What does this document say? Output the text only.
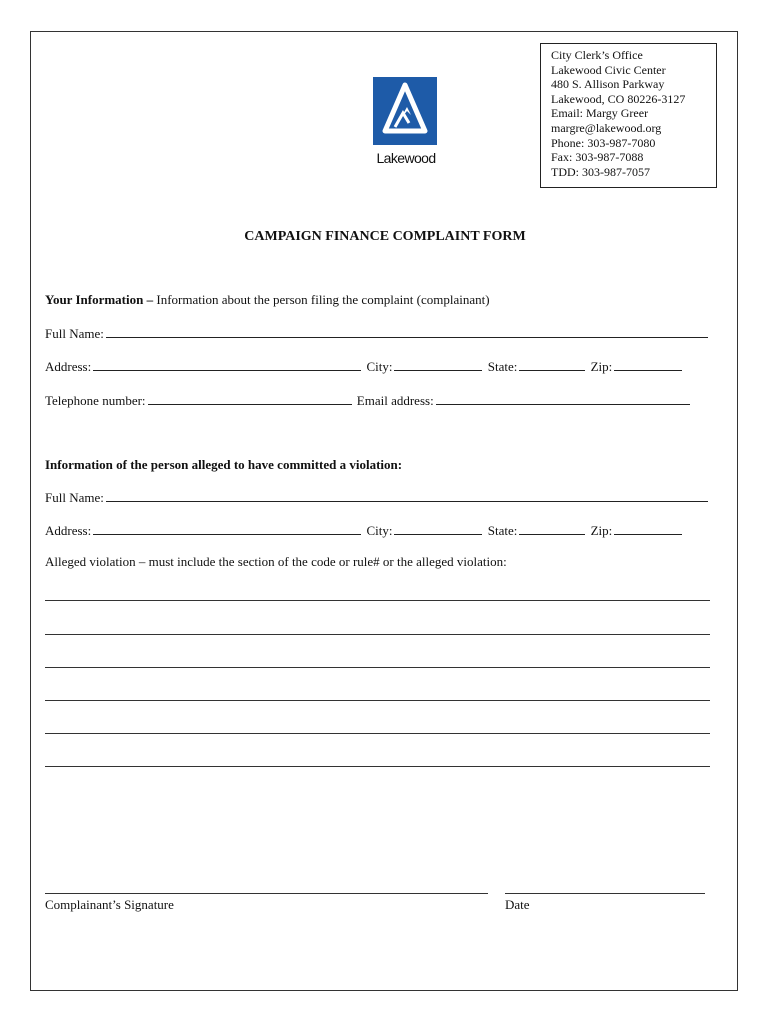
Lakewood
City Clerk’s Office
Lakewood Civic Center
480 S. Allison Parkway
Lakewood, CO 80226-3127
Email: Margy Greer
margre@lakewood.org
Phone: 303-987-7080
Fax: 303-987-7088
TDD: 303-987-7057
CAMPAIGN FINANCE COMPLAINT FORM
Your Information – Information about the person filing the complaint (complainant)
Full Name:
Address:	City:	State:	Zip:
Telephone number:	Email address:
Information of the person alleged to have committed a violation:
Full Name:
Address:	City:	State:	Zip:
Alleged violation – must include the section of the code or rule# or the alleged violation:
Complainant’s Signature	Date
